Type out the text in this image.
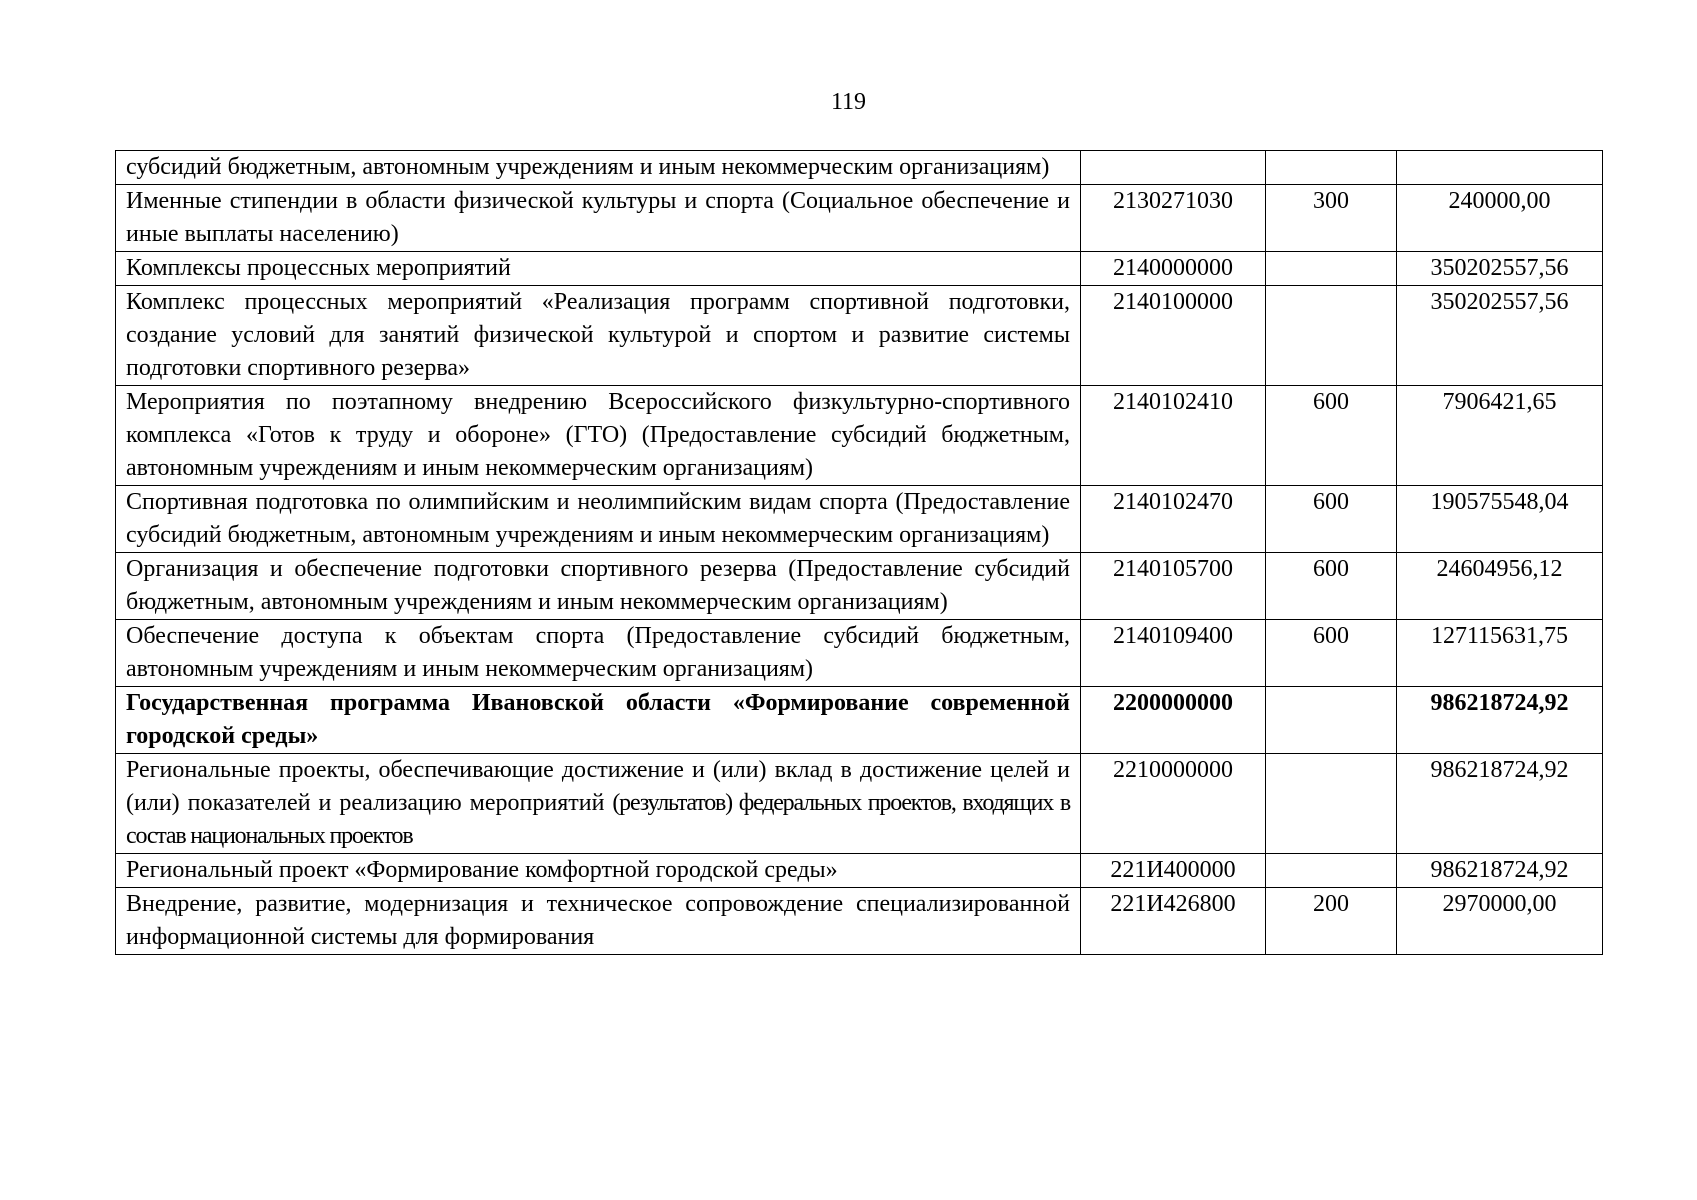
119
субсидий бюджетным, автономным учреждениям и иным некоммерческим организациям)			
Именные стипендии в области физической культуры и спорта (Социальное обеспечение и иные выплаты населению)	2130271030	300	240000,00
Комплексы процессных мероприятий	2140000000		350202557,56
Комплекс процессных мероприятий «Реализация программ спортивной подготовки, создание условий для занятий физической культурой и спортом и развитие системы подготовки спортивного резерва»	2140100000		350202557,56
Мероприятия по поэтапному внедрению Всероссийского физкультурно-спортивного комплекса «Готов к труду и обороне» (ГТО) (Предоставление субсидий бюджетным, автономным учреждениям и иным некоммерческим организациям)	2140102410	600	7906421,65
Спортивная подготовка по олимпийским и неолимпийским видам спорта (Предоставление субсидий бюджетным, автономным учреждениям и иным некоммерческим организациям)	2140102470	600	190575548,04
Организация и обеспечение подготовки спортивного резерва (Предоставление субсидий бюджетным, автономным учреждениям и иным некоммерческим организациям)	2140105700	600	24604956,12
Обеспечение доступа к объектам спорта (Предоставление субсидий бюджетным, автономным учреждениям и иным некоммерческим организациям)	2140109400	600	127115631,75
Государственная программа Ивановской области «Формирование современной городской среды»	2200000000		986218724,92
Региональные проекты, обеспечивающие достижение и (или) вклад в достижение целей и (или) показателей и реализацию мероприятий (результатов) федеральных проектов, входящих в состав национальных проектов	2210000000		986218724,92
Региональный проект «Формирование комфортной городской среды»	221И400000		986218724,92
Внедрение, развитие, модернизация и техническое сопровождение специализированной информационной системы для формирования	221И426800	200	2970000,00
